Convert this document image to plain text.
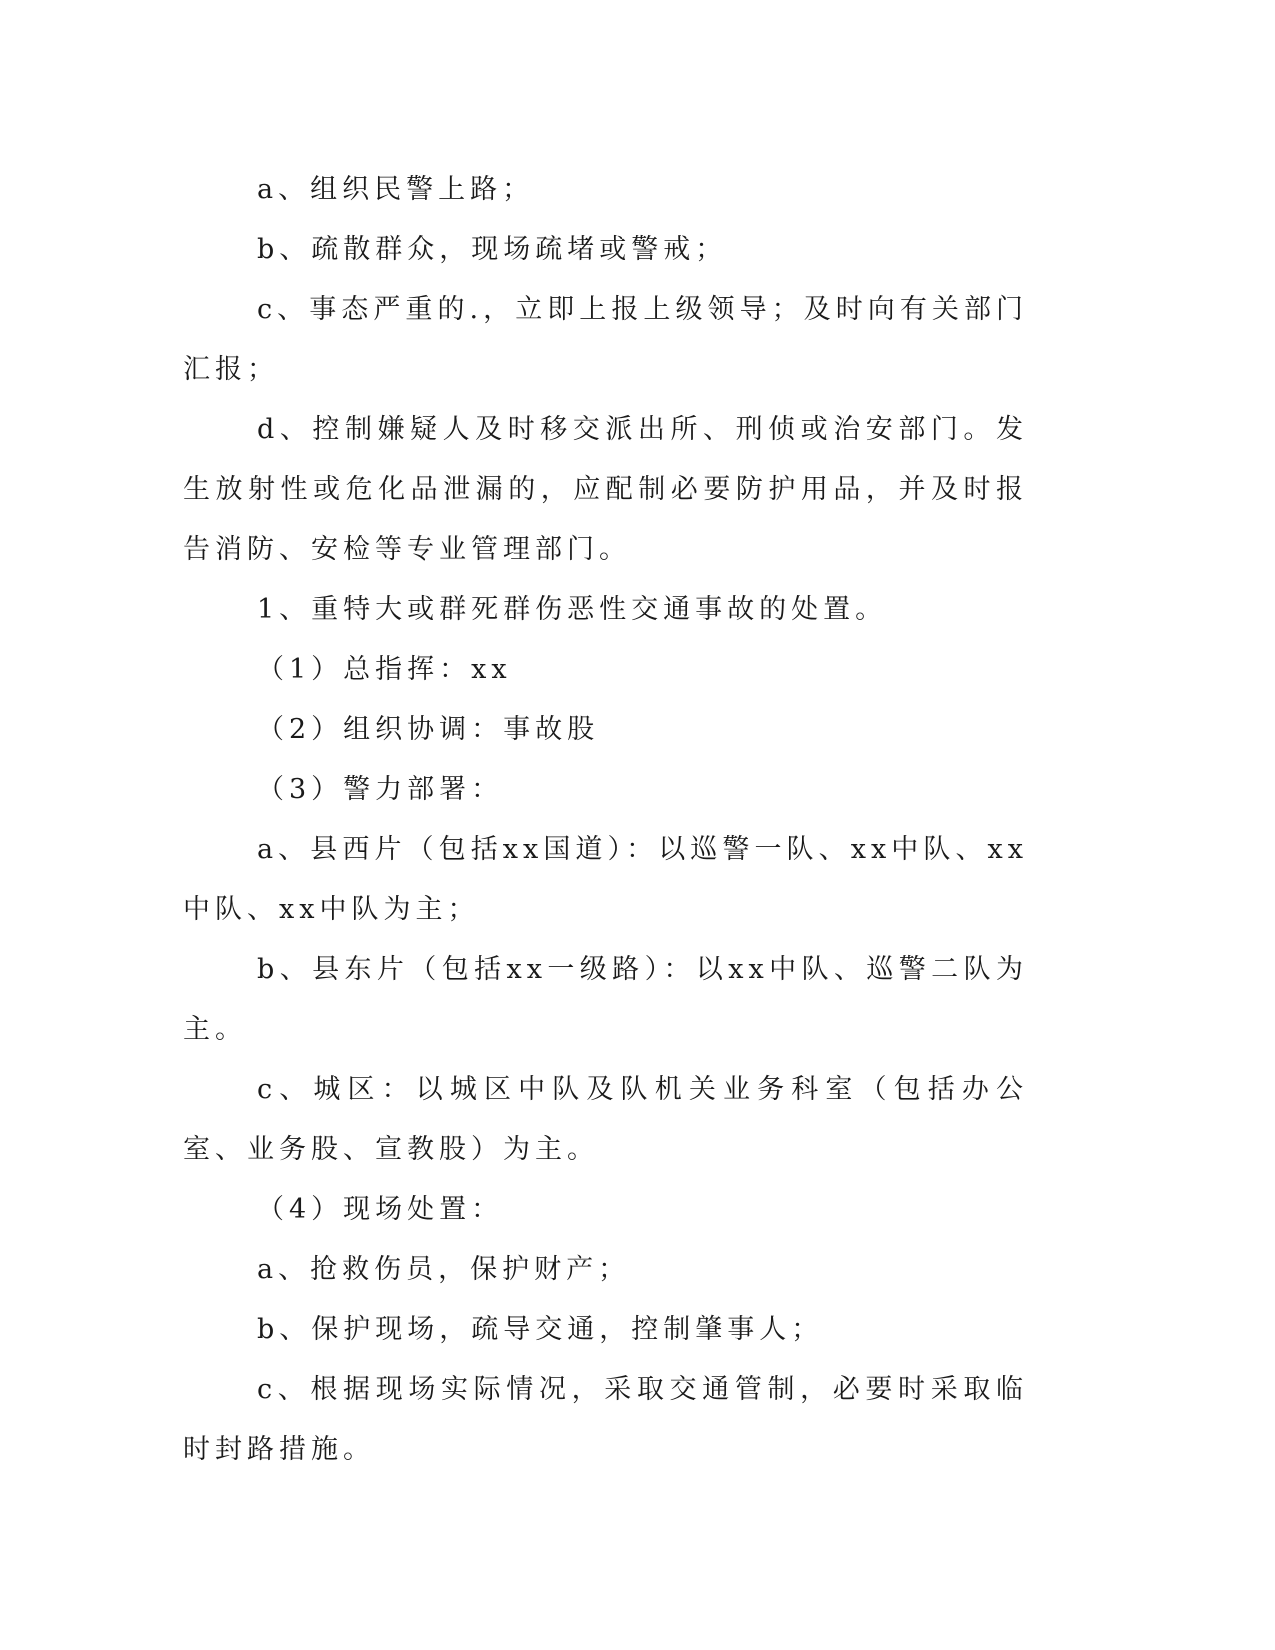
a、组织民警上路；

b、疏散群众，现场疏堵或警戒；

c、事态严重的.，立即上报上级领导；及时向有关部门汇报；

d、控制嫌疑人及时移交派出所、刑侦或治安部门。发生放射性或危化品泄漏的，应配制必要防护用品，并及时报告消防、安检等专业管理部门。

1、重特大或群死群伤恶性交通事故的处置。

（1）总指挥：xx

（2）组织协调：事故股

（3）警力部署：

a、县西片（包括xx国道）：以巡警一队、xx中队、xx中队、xx中队为主；

b、县东片（包括xx一级路）：以xx中队、巡警二队为主。

c、城区：以城区中队及队机关业务科室（包括办公室、业务股、宣教股）为主。

（4）现场处置：

a、抢救伤员，保护财产；

b、保护现场，疏导交通，控制肇事人；

c、根据现场实际情况，采取交通管制，必要时采取临时封路措施。
